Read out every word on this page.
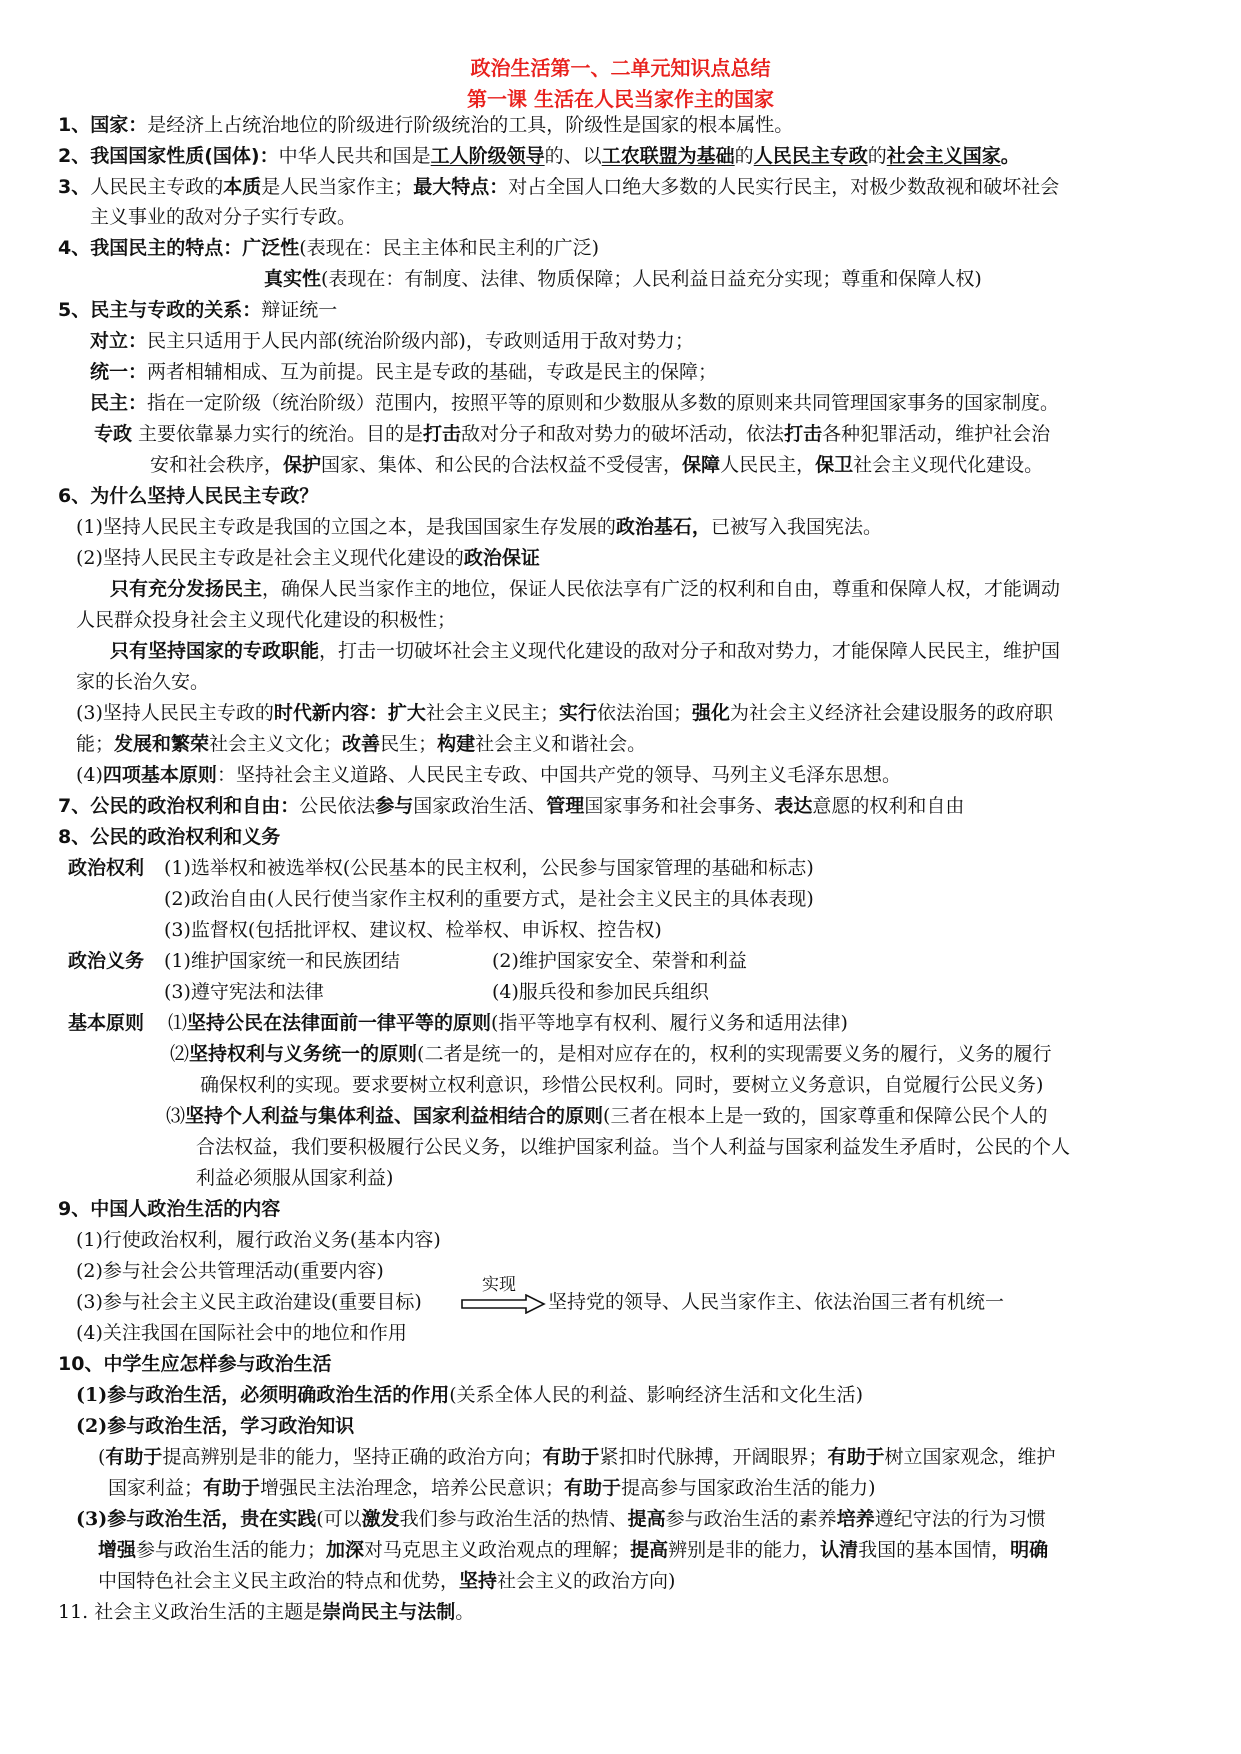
政治生活第一、二单元知识点总结
第一课 生活在人民当家作主的国家
1、国家：是经济上占统治地位的阶级进行阶级统治的工具，阶级性是国家的根本属性。
2、我国国家性质(国体)：中华人民共和国是工人阶级领导的、以工农联盟为基础的人民民主专政的社会主义国家。
3、人民民主专政的本质是人民当家作主；最大特点：对占全国人口绝大多数的人民实行民主，对极少数敌视和破坏社会
主义事业的敌对分子实行专政。
4、我国民主的特点：广泛性(表现在：民主主体和民主利的广泛)
真实性(表现在：有制度、法律、物质保障；人民利益日益充分实现；尊重和保障人权)
5、民主与专政的关系：辩证统一
对立：民主只适用于人民内部(统治阶级内部)，专政则适用于敌对势力；
统一：两者相辅相成、互为前提。民主是专政的基础，专政是民主的保障；
民主：指在一定阶级（统治阶级）范围内，按照平等的原则和少数服从多数的原则来共同管理国家事务的国家制度。
专政 主要依靠暴力实行的统治。目的是打击敌对分子和敌对势力的破坏活动，依法打击各种犯罪活动，维护社会治
安和社会秩序，保护国家、集体、和公民的合法权益不受侵害，保障人民民主，保卫社会主义现代化建设。
6、为什么坚持人民民主专政？
(1)坚持人民民主专政是我国的立国之本，是我国国家生存发展的政治基石，已被写入我国宪法。
(2)坚持人民民主专政是社会主义现代化建设的政治保证
只有充分发扬民主，确保人民当家作主的地位，保证人民依法享有广泛的权利和自由，尊重和保障人权，才能调动
人民群众投身社会主义现代化建设的积极性；
只有坚持国家的专政职能，打击一切破坏社会主义现代化建设的敌对分子和敌对势力，才能保障人民民主，维护国
家的长治久安。
(3)坚持人民民主专政的时代新内容：扩大社会主义民主；实行依法治国；强化为社会主义经济社会建设服务的政府职
能；发展和繁荣社会主义文化；改善民生；构建社会主义和谐社会。
(4)四项基本原则：坚持社会主义道路、人民民主专政、中国共产党的领导、马列主义毛泽东思想。
7、公民的政治权利和自由：公民依法参与国家政治生活、管理国家事务和社会事务、表达意愿的权利和自由
8、公民的政治权利和义务
政治权利 (1)选举权和被选举权(公民基本的民主权利，公民参与国家管理的基础和标志)
(2)政治自由(人民行使当家作主权利的重要方式，是社会主义民主的具体表现)
(3)监督权(包括批评权、建议权、检举权、申诉权、控告权)
政治义务 (1)维护国家统一和民族团结	(2)维护国家安全、荣誉和利益
(3)遵守宪法和法律	(4)服兵役和参加民兵组织
基本原则 ⑴坚持公民在法律面前一律平等的原则(指平等地享有权利、履行义务和适用法律)
⑵坚持权利与义务统一的原则(二者是统一的，是相对应存在的，权利的实现需要义务的履行，义务的履行
确保权利的实现。要求要树立权利意识，珍惜公民权利。同时，要树立义务意识，自觉履行公民义务)
⑶坚持个人利益与集体利益、国家利益相结合的原则(三者在根本上是一致的，国家尊重和保障公民个人的
合法权益，我们要积极履行公民义务，以维护国家利益。当个人利益与国家利益发生矛盾时，公民的个人
利益必须服从国家利益)
9、中国人政治生活的内容
(1)行使政治权利，履行政治义务(基本内容)
(2)参与社会公共管理活动(重要内容)
(3)参与社会主义民主政治建设(重要目标)
实现
坚持党的领导、人民当家作主、依法治国三者有机统一
(4)关注我国在国际社会中的地位和作用
10、中学生应怎样参与政治生活
(1)参与政治生活，必须明确政治生活的作用(关系全体人民的利益、影响经济生活和文化生活)
(2)参与政治生活，学习政治知识
(有助于提高辨别是非的能力，坚持正确的政治方向；有助于紧扣时代脉搏，开阔眼界；有助于树立国家观念，维护
国家利益；有助于增强民主法治理念，培养公民意识；有助于提高参与国家政治生活的能力)
(3)参与政治生活，贵在实践(可以激发我们参与政治生活的热情、提高参与政治生活的素养培养遵纪守法的行为习惯
增强参与政治生活的能力；加深对马克思主义政治观点的理解；提高辨别是非的能力，认清我国的基本国情，明确
中国特色社会主义民主政治的特点和优势，坚持社会主义的政治方向)
11. 社会主义政治生活的主题是崇尚民主与法制。
